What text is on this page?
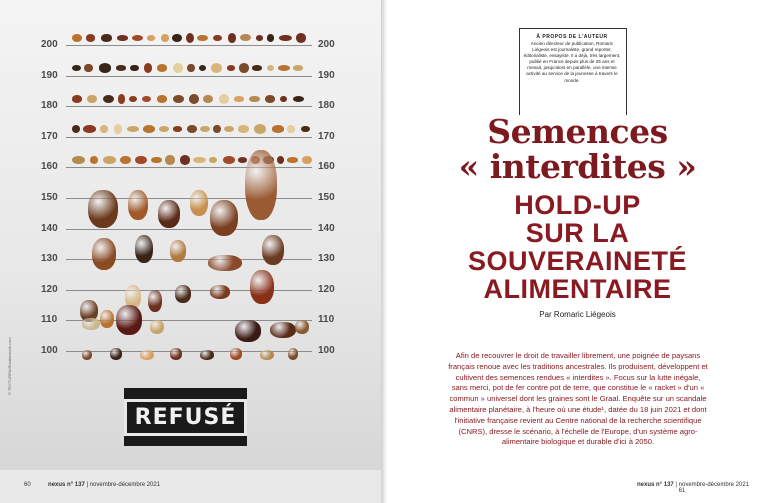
200	200
190	190
180	180
170	170
160	160
150	150
140	140
130	130
120	120
110	110
100	100
© TEXTURRA/Shutterstock.com
REFUSÉ
60	nexus n° 137 | novembre-décembre 2021
À PROPOS DE L'AUTEUR
Ancien directeur de publication, Romaric Liégeois est journaliste, grand reporter, éditorialiste, essayiste. Il a déjà, très largement, publié en France depuis plus de 25 ans et menait, jusqu'alors en parallèle, une intense activité au service de la jeunesse à travers le monde.
Semences
« interdites »
HOLD-UP
SUR LA
SOUVERAINETÉ
ALIMENTAIRE
Par Romaric Liégeois
Afin de recouvrer le droit de travailler librement, une poignée de paysans français renoue avec les traditions ancestrales. Ils produisent, développent et cultivent des semences rendues « interdites ». Focus sur la lutte inégale, sans merci, pot de fer contre pot de terre, que constitue le « racket » d'un « commun » universel dont les graines sont le Graal. Enquête sur un scandale alimentaire planétaire, à l'heure où une étude¹, datée du 18 juin 2021 et dont l'initiative française revient au Centre national de la recherche scientifique (CNRS), dresse le scénario, à l'échelle de l'Europe, d'un système agro-alimentaire biologique et durable d'ici à 2050.
nexus n° 137 | novembre-décembre 2021  61
